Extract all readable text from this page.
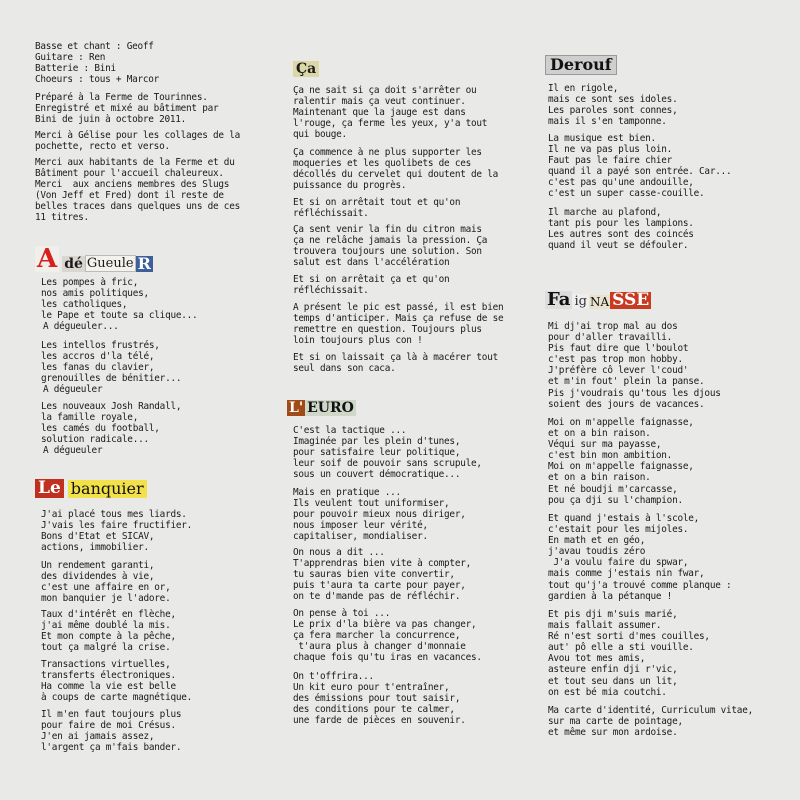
Basse et chant : Geoff
Guitare : Ren
Batterie : Bini
Choeurs : tous + Marcor
Préparé à la Ferme de Tourinnes.
Enregistré et mixé au bâtiment par
Bini de juin à octobre 2011.
Merci à Gélise pour les collages de la
pochette, recto et verso.
Merci aux habitants de la Ferme et du
Bâtiment pour l'accueil chaleureux.
Merci  aux anciens membres des Slugs
(Von Jeff et Fred) dont il reste de
belles traces dans quelques uns de ces
11 titres.
A dé Gueule R
Les pompes à fric,
nos amis politiques,
les catholiques,
le Pape et toute sa clique...
A dégueuler...
Les intellos frustrés,
les accros d'la télé,
les fanas du clavier,
grenouilles de bénitier...
A dégueuler
Les nouveaux Josh Randall,
la famille royale,
les camés du football,
solution radicale...
A dégueuler
Le banquier
J'ai placé tous mes liards.
J'vais les faire fructifier.
Bons d'Etat et SICAV,
actions, immobilier.
Un rendement garanti,
des dividendes à vie,
c'est une affaire en or,
mon banquier je l'adore.
Taux d'intérêt en flèche,
j'ai même doublé la mis.
Et mon compte à la pêche,
tout ça malgré la crise.
Transactions virtuelles,
transferts électroniques.
Ha comme la vie est belle
à coups de carte magnétique.
Il m'en faut toujours plus
pour faire de moi Crésus.
J'en ai jamais assez,
l'argent ça m'fais bander.
Ça
Ça ne sait si ça doit s'arrêter ou
ralentir mais ça veut continuer.
Maintenant que la jauge est dans
l'rouge, ça ferme les yeux, y'a tout
qui bouge.
Ça commence à ne plus supporter les
moqueries et les quolibets de ces
décollés du cervelet qui doutent de la
puissance du progrès.
Et si on arrêtait tout et qu'on
réfléchissait.
Ça sent venir la fin du citron mais
ça ne relâche jamais la pression. Ça
trouvera toujours une solution. Son
salut est dans l'accélération
Et si on arrêtait ça et qu'on
réfléchissait.
A présent le pic est passé, il est bien
temps d'anticiper. Mais ça refuse de se
remettre en question. Toujours plus
loin toujours plus con !
Et si on laissait ça là à macérer tout
seul dans son caca.
L' EURO
C'est la tactique ...
Imaginée par les plein d'tunes,
pour satisfaire leur politique,
leur soif de pouvoir sans scrupule,
sous un couvert démocratique...
Mais en pratique ...
Ils veulent tout uniformiser,
pour pouvoir mieux nous diriger,
nous imposer leur vérité,
capitaliser, mondialiser.
On nous a dit ...
T'apprendras bien vite à compter,
tu sauras bien vite convertir,
puis t'aura ta carte pour payer,
on te d'mande pas de réfléchir.
On pense à toi ...
Le prix d'la bière va pas changer,
ça fera marcher la concurrence,
t'aura plus à changer d'monnaie
chaque fois qu'tu iras en vacances.
On t'offrira...
Un kit euro pour t'entraîner,
des émissions pour tout saisir,
des conditions pour te calmer,
une farde de pièces en souvenir.
Derouf
Il en rigole,
mais ce sont ses idoles.
Les paroles sont connes,
mais il s'en tamponne.
La musique est bien.
Il ne va pas plus loin.
Faut pas le faire chier
quand il a payé son entrée. Car...
c'est pas qu'une andouille,
c'est un super casse-couille.
Il marche au plafond,
tant pis pour les lampions.
Les autres sont des coincés
quand il veut se défouler.
Fa ig NA SSE
Mi dj'ai trop mal au dos
pour d'aller travailli.
Pis faut dire que l'boulot
c'est pas trop mon hobby.
J'préfère cô lever l'coud'
et m'in fout' plein la panse.
Pis j'voudrais qu'tous les djous
soient des jours de vacances.
Moi on m'appelle faignasse,
et on a bin raison.
Véqui sur ma payasse,
c'est bin mon ambition.
Moi on m'appelle faignasse,
et on a bin raison.
Et né boudji m'carcasse,
pou ça dji su l'champion.
Et quand j'estais à l'scole,
c'estait pour les mijoles.
En math et en géo,
j'avau toudis zéro
J'a voulu faire du spwar,
mais comme j'estais nin fwar,
tout qu'j'a trouvé comme planque :
gardien à la pétanque !
Et pis dji m'suis marié,
mais fallait assumer.
Ré n'est sorti d'mes couilles,
aut' pô elle a sti vouille.
Avou tot mes amis,
asteure enfin dji r'vic,
et tout seu dans un lit,
on est bé mia coutchi.
Ma carte d'identité, Curriculum vitae,
sur ma carte de pointage,
et même sur mon ardoise.
